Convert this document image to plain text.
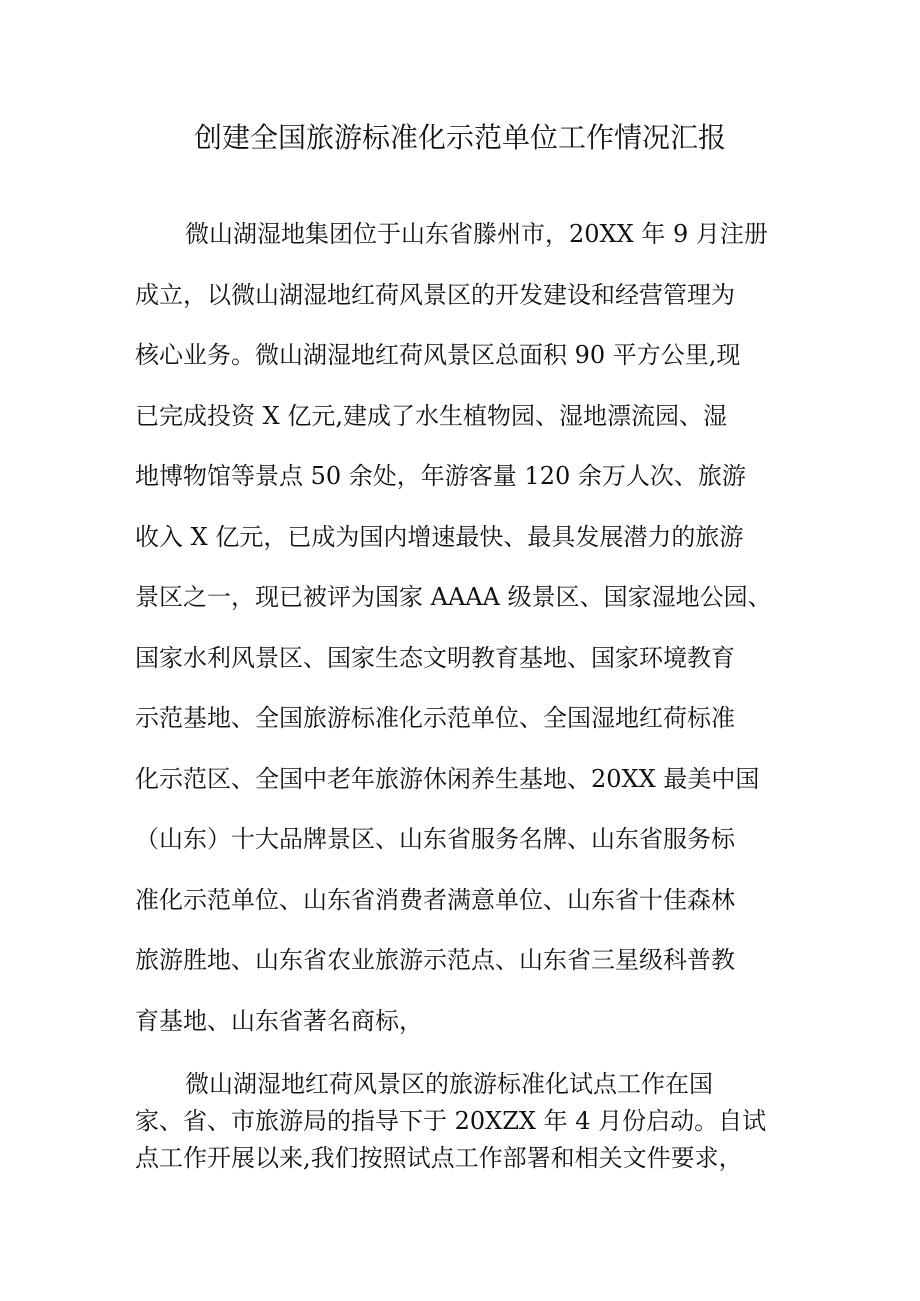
创建全国旅游标准化示范单位工作情况汇报
微山湖湿地集团位于山东省滕州市，20XX 年 9 月注册
成立，以微山湖湿地红荷风景区的开发建设和经营管理为
核心业务。微山湖湿地红荷风景区总面积 90 平方公里,现
已完成投资 X 亿元,建成了水生植物园、湿地漂流园、湿
地博物馆等景点 50 余处，年游客量 120 余万人次、旅游
收入 X 亿元，已成为国内增速最快、最具发展潜力的旅游
景区之一，现已被评为国家 AAAA 级景区、国家湿地公园、
国家水利风景区、国家生态文明教育基地、国家环境教育
示范基地、全国旅游标准化示范单位、全国湿地红荷标准
化示范区、全国中老年旅游休闲养生基地、20XX 最美中国
（山东）十大品牌景区、山东省服务名牌、山东省服务标
准化示范单位、山东省消费者满意单位、山东省十佳森林
旅游胜地、山东省农业旅游示范点、山东省三星级科普教
育基地、山东省著名商标，
微山湖湿地红荷风景区的旅游标准化试点工作在国
家、省、市旅游局的指导下于 20XZX 年 4 月份启动。自试
点工作开展以来,我们按照试点工作部署和相关文件要求，
